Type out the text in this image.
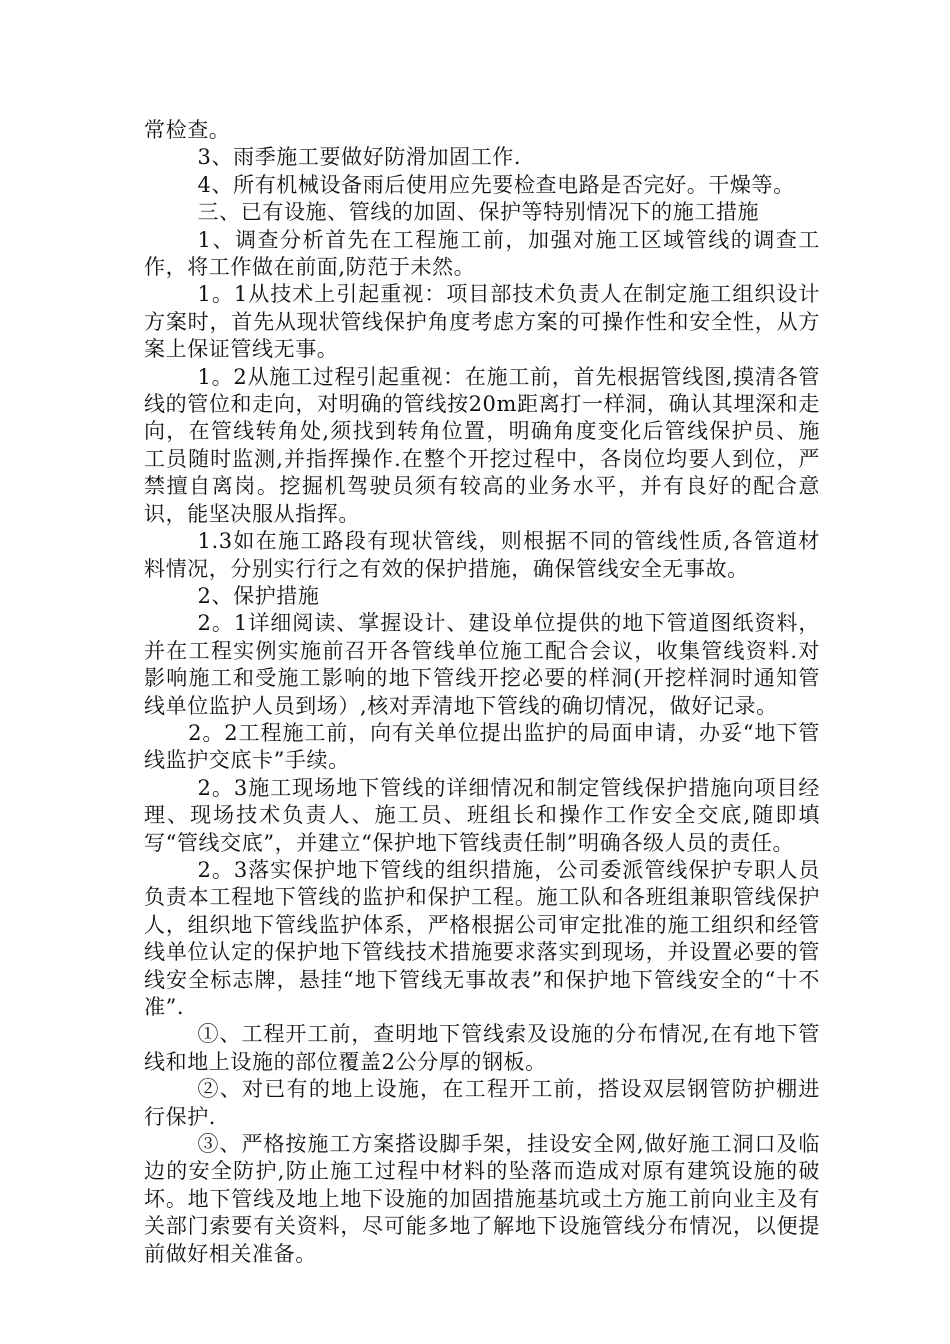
常检查。

3、雨季施工要做好防滑加固工作.

4、所有机械设备雨后使用应先要检查电路是否完好。干燥等。

三、已有设施、管线的加固、保护等特别情况下的施工措施

1、调查分析首先在工程施工前，加强对施工区域管线的调查工作，将工作做在前面,防范于未然。

1。1从技术上引起重视：项目部技术负责人在制定施工组织设计方案时，首先从现状管线保护角度考虑方案的可操作性和安全性，从方案上保证管线无事。

1。2从施工过程引起重视：在施工前，首先根据管线图,摸清各管线的管位和走向，对明确的管线按20m距离打一样洞，确认其埋深和走向，在管线转角处,须找到转角位置，明确角度变化后管线保护员、施工员随时监测,并指挥操作.在整个开挖过程中，各岗位均要人到位，严禁擅自离岗。挖掘机驾驶员须有较高的业务水平，并有良好的配合意识，能坚决服从指挥。

1.3如在施工路段有现状管线，则根据不同的管线性质,各管道材料情况，分别实行行之有效的保护措施，确保管线安全无事故。

2、保护措施

2。1详细阅读、掌握设计、建设单位提供的地下管道图纸资料，并在工程实例实施前召开各管线单位施工配合会议，收集管线资料.对影响施工和受施工影响的地下管线开挖必要的样洞(开挖样洞时通知管线单位监护人员到场）,核对弄清地下管线的确切情况，做好记录。

2。2工程施工前，向有关单位提出监护的局面申请，办妥“地下管线监护交底卡”手续。

2。3施工现场地下管线的详细情况和制定管线保护措施向项目经理、现场技术负责人、施工员、班组长和操作工作安全交底,随即填写“管线交底”，并建立“保护地下管线责任制”明确各级人员的责任。

2。3落实保护地下管线的组织措施，公司委派管线保护专职人员负责本工程地下管线的监护和保护工程。施工队和各班组兼职管线保护人，组织地下管线监护体系，严格根据公司审定批准的施工组织和经管线单位认定的保护地下管线技术措施要求落实到现场，并设置必要的管线安全标志牌，悬挂“地下管线无事故表”和保护地下管线安全的“十不准”.

①、工程开工前，查明地下管线索及设施的分布情况,在有地下管线和地上设施的部位覆盖2公分厚的钢板。

②、对已有的地上设施，在工程开工前，搭设双层钢管防护棚进行保护.

③、严格按施工方案搭设脚手架，挂设安全网,做好施工洞口及临边的安全防护,防止施工过程中材料的坠落而造成对原有建筑设施的破坏。地下管线及地上地下设施的加固措施基坑或土方施工前向业主及有关部门索要有关资料，尽可能多地了解地下设施管线分布情况，以便提前做好相关准备。
